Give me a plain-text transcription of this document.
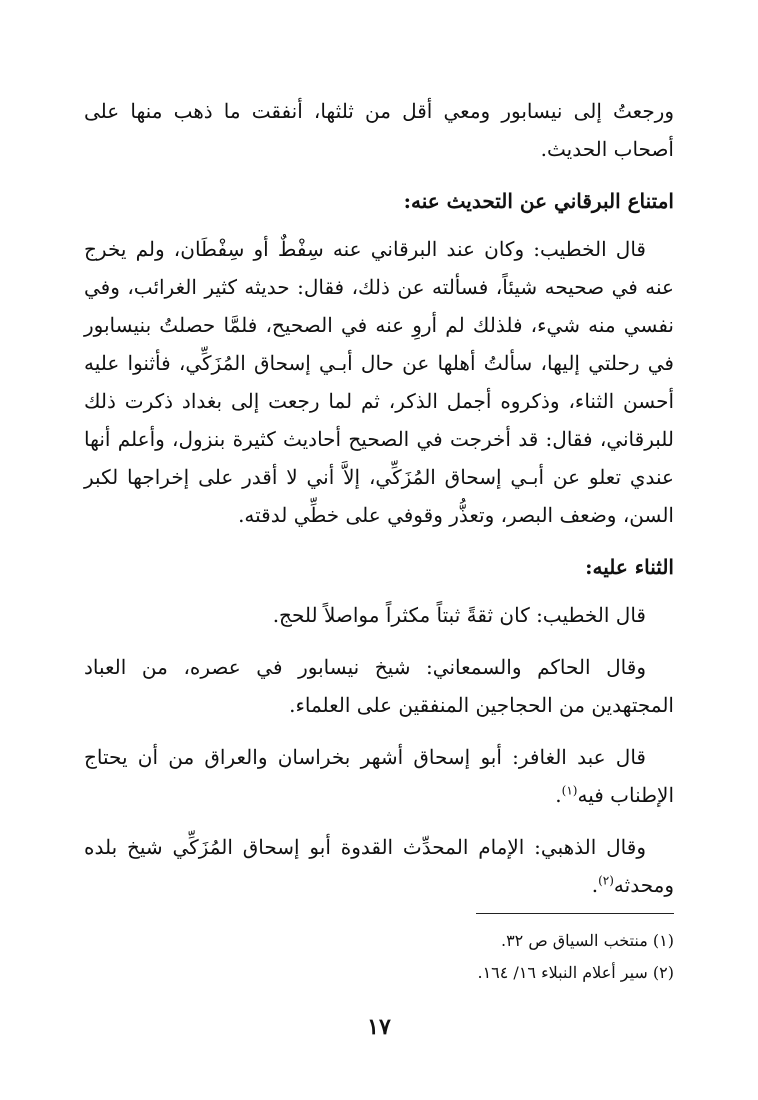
ورجعتُ إلى نيسابور ومعي أقل من ثلثها، أنفقت ما ذهب منها على أصحاب الحديث.

امتناع البرقاني عن التحديث عنه:

قال الخطيب: وكان عند البرقاني عنه سِفْطٌ أو سِفْطَان، ولم يخرج عنه في صحيحه شيئاً، فسألته عن ذلك، فقال: حديثه كثير الغرائب، وفي نفسي منه شيء، فلذلك لم أروِ عنه في الصحيح، فلمَّا حصلتُ بنيسابور في رحلتي إليها، سألتُ أهلها عن حال أبـي إسحاق المُزَكِّي، فأثنوا عليه أحسن الثناء، وذكروه أجمل الذكر، ثم لما رجعت إلى بغداد ذكرت ذلك للبرقاني، فقال: قد أخرجت في الصحيح أحاديث كثيرة بنزول، وأعلم أنها عندي تعلو عن أبـي إسحاق المُزَكِّي، إلاَّ أني لا أقدر على إخراجها لكبر السن، وضعف البصر، وتعذُّر وقوفي على خطِّي لدقته.

الثناء عليه:

قال الخطيب: كان ثقةً ثبتاً مكثراً مواصلاً للحج.

وقال الحاكم والسمعاني: شيخ نيسابور في عصره، من العباد المجتهدين من الحجاجين المنفقين على العلماء.

قال عبد الغافر: أبو إسحاق أشهر بخراسان والعراق من أن يحتاج الإطناب فيه$^{(١)}$.

وقال الذهبي: الإمام المحدِّث القدوة أبو إسحاق المُزَكِّي شيخ بلده ومحدثه$^{(٢)}$.

(١) منتخب السياق ص ٣٢.

(٢) سير أعلام النبلاء ١٦/ ١٦٤.

١٧
